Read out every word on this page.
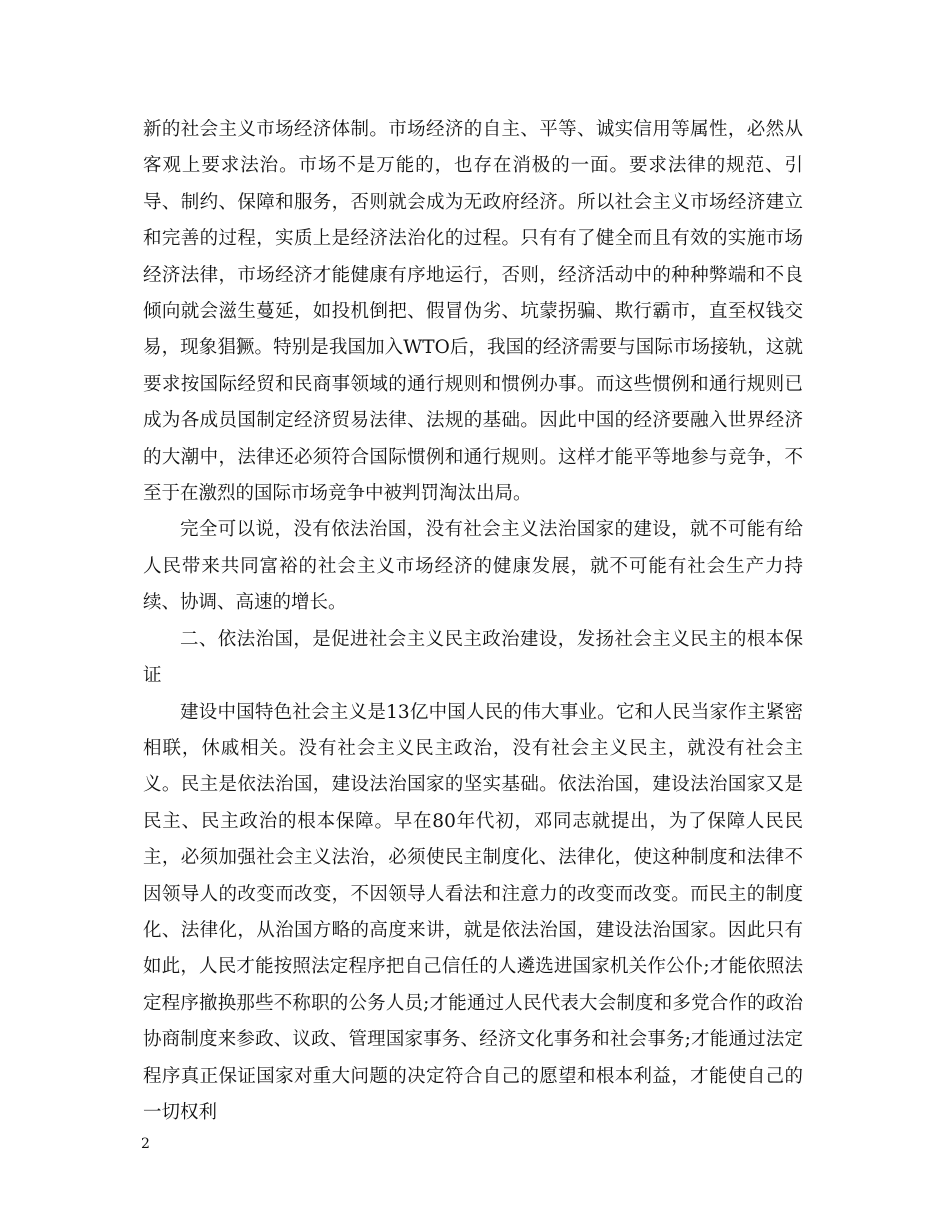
新的社会主义市场经济体制。市场经济的自主、平等、诚实信用等属性，必然从客观上要求法治。市场不是万能的，也存在消极的一面。要求法律的规范、引导、制约、保障和服务，否则就会成为无政府经济。所以社会主义市场经济建立和完善的过程，实质上是经济法治化的过程。只有有了健全而且有效的实施市场经济法律，市场经济才能健康有序地运行，否则，经济活动中的种种弊端和不良倾向就会滋生蔓延，如投机倒把、假冒伪劣、坑蒙拐骗、欺行霸市，直至权钱交易，现象猖獗。特别是我国加入WTO后，我国的经济需要与国际市场接轨，这就要求按国际经贸和民商事领域的通行规则和惯例办事。而这些惯例和通行规则已成为各成员国制定经济贸易法律、法规的基础。因此中国的经济要融入世界经济的大潮中，法律还必须符合国际惯例和通行规则。这样才能平等地参与竞争，不至于在激烈的国际市场竞争中被判罚淘汰出局。

完全可以说，没有依法治国，没有社会主义法治国家的建设，就不可能有给人民带来共同富裕的社会主义市场经济的健康发展，就不可能有社会生产力持续、协调、高速的增长。

二、依法治国，是促进社会主义民主政治建设，发扬社会主义民主的根本保证

建设中国特色社会主义是13亿中国人民的伟大事业。它和人民当家作主紧密相联，休戚相关。没有社会主义民主政治，没有社会主义民主，就没有社会主义。民主是依法治国，建设法治国家的坚实基础。依法治国，建设法治国家又是民主、民主政治的根本保障。早在80年代初，邓同志就提出，为了保障人民民主，必须加强社会主义法治，必须使民主制度化、法律化，使这种制度和法律不因领导人的改变而改变，不因领导人看法和注意力的改变而改变。而民主的制度化、法律化，从治国方略的高度来讲，就是依法治国，建设法治国家。因此只有如此，人民才能按照法定程序把自己信任的人遴选进国家机关作公仆;才能依照法定程序撤换那些不称职的公务人员;才能通过人民代表大会制度和多党合作的政治协商制度来参政、议政、管理国家事务、经济文化事务和社会事务;才能通过法定程序真正保证国家对重大问题的决定符合自己的愿望和根本利益，才能使自己的一切权利

2
